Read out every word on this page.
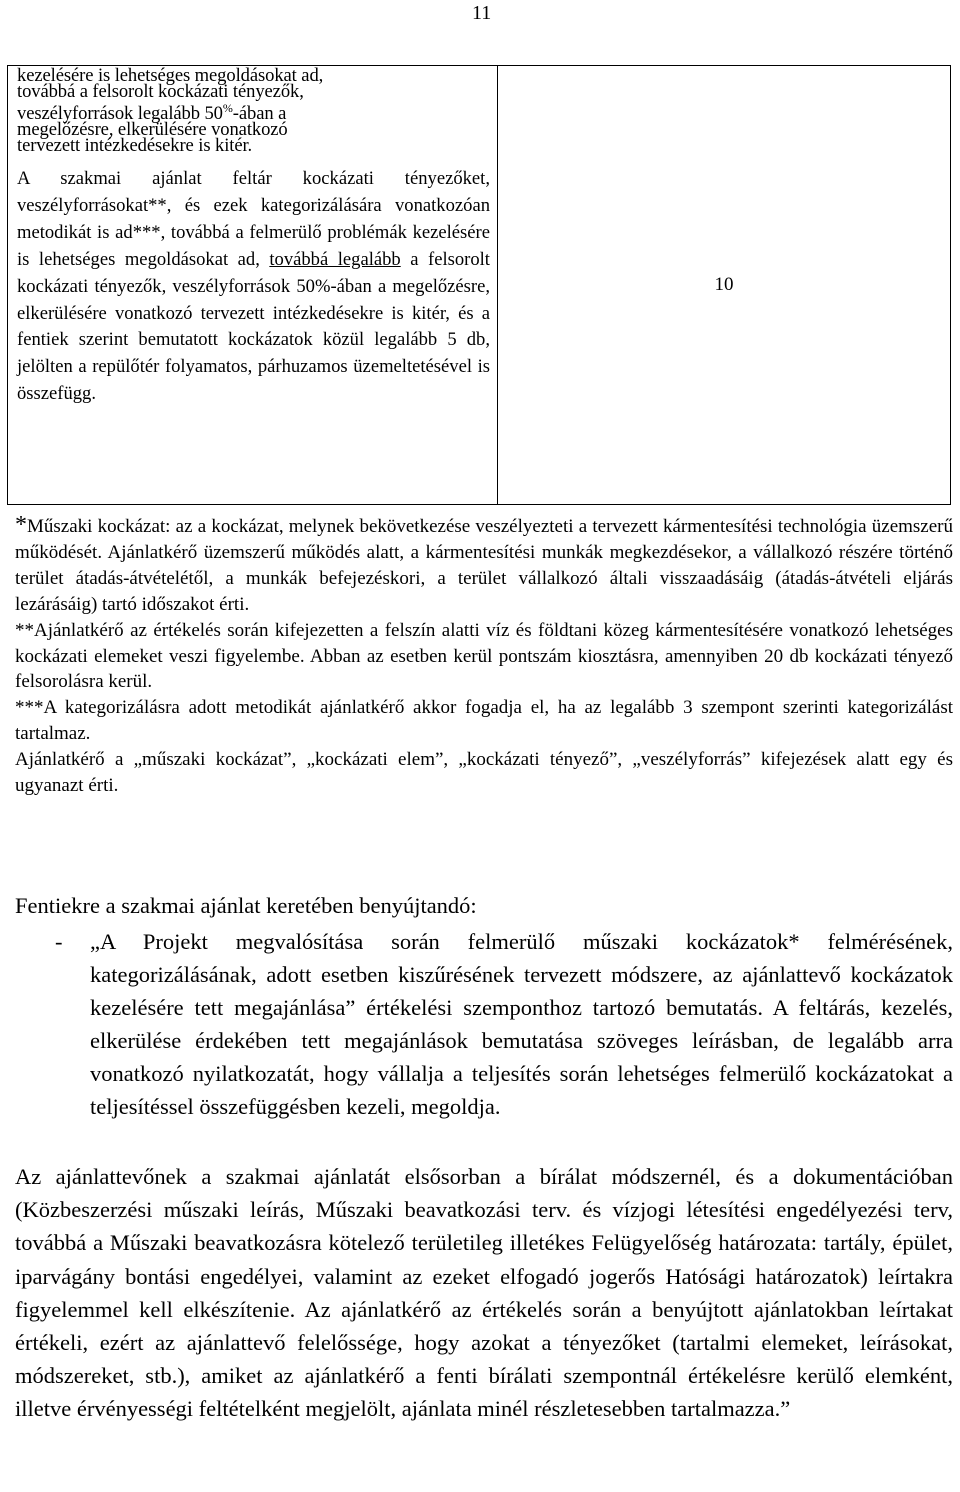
11
kezelésére is lehetséges megoldásokat ad,
továbbá a felsorolt kockázati tényezők,
veszélyforrások legalább 50%-ában a
megelőzésre, elkerülésére vonatkozó
tervezett intézkedésekre is kitér.
A szakmai ajánlat feltár kockázati tényezőket, veszélyforrásokat**, és ezek kategorizálására vonatkozóan metodikát is ad***, továbbá a felmerülő problémák kezelésére is lehetséges megoldásokat ad, továbbá legalább a felsorolt kockázati tényezők, veszélyforrások 50%-ában a megelőzésre, elkerülésére vonatkozó tervezett intézkedésekre is kitér, és a fentiek szerint bemutatott kockázatok közül legalább 5 db, jelölten a repülőtér folyamatos, párhuzamos üzemeltetésével is összefügg.	10

*Műszaki kockázat: az a kockázat, melynek bekövetkezése veszélyezteti a tervezett kármentesítési technológia üzemszerű működését. Ajánlatkérő üzemszerű működés alatt, a kármentesítési munkák megkezdésekor, a vállalkozó részére történő terület átadás-átvételétől, a munkák befejezéskori, a terület vállalkozó általi visszaadásáig (átadás-átvételi eljárás lezárásáig) tartó időszakot érti.

**Ajánlatkérő az értékelés során kifejezetten a felszín alatti víz és földtani közeg kármentesítésére vonatkozó lehetséges kockázati elemeket veszi figyelembe. Abban az esetben kerül pontszám kiosztásra, amennyiben 20 db kockázati tényező felsorolásra kerül.

***A kategorizálásra adott metodikát ajánlatkérő akkor fogadja el, ha az legalább 3 szempont szerinti kategorizálást tartalmaz.

Ajánlatkérő a „műszaki kockázat”, „kockázati elem”, „kockázati tényező”, „veszélyforrás” kifejezések alatt egy és ugyanazt érti.

Fentiekre a szakmai ajánlat keretében benyújtandó:
- „A Projekt megvalósítása során felmerülő műszaki kockázatok* felmérésének, kategorizálásának, adott esetben kiszűrésének tervezett módszere, az ajánlattevő kockázatok kezelésére tett megajánlása” értékelési szemponthoz tartozó bemutatás. A feltárás, kezelés, elkerülése érdekében tett megajánlások bemutatása szöveges leírásban, de legalább arra vonatkozó nyilatkozatát, hogy vállalja a teljesítés során lehetséges felmerülő kockázatokat a teljesítéssel összefüggésben kezeli, megoldja.

Az ajánlattevőnek a szakmai ajánlatát elsősorban a bírálat módszernél, és a dokumentációban (Közbeszerzési műszaki leírás, Műszaki beavatkozási terv. és vízjogi létesítési engedélyezési terv, továbbá a Műszaki beavatkozásra kötelező területileg illetékes Felügyelőség határozata: tartály, épület, iparvágány bontási engedélyei, valamint az ezeket elfogadó jogerős Hatósági határozatok) leírtakra figyelemmel kell elkészítenie. Az ajánlatkérő az értékelés során a benyújtott ajánlatokban leírtakat értékeli, ezért az ajánlattevő felelőssége, hogy azokat a tényezőket (tartalmi elemeket, leírásokat, módszereket, stb.), amiket az ajánlatkérő a fenti bírálati szempontnál értékelésre kerülő elemként, illetve érvényességi feltételként megjelölt, ajánlata minél részletesebben tartalmazza.”
